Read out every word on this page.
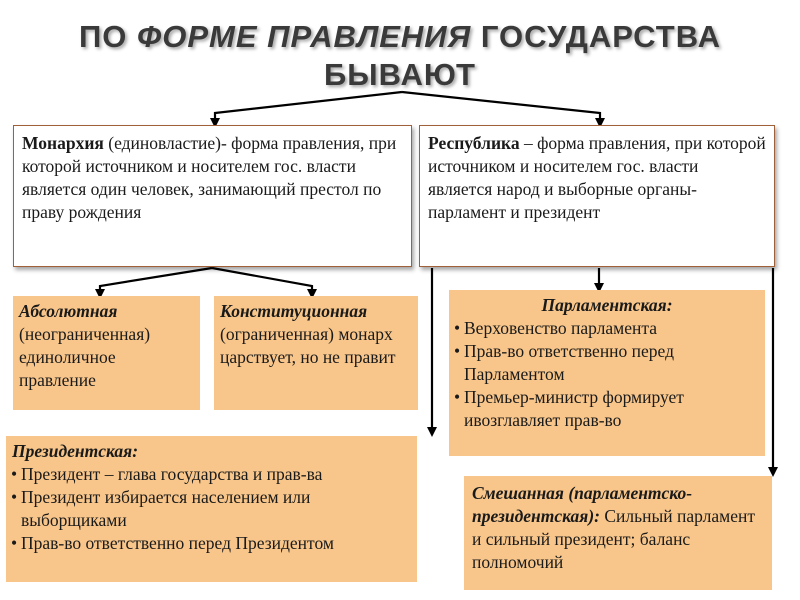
ПО ФОРМЕ ПРАВЛЕНИЯ ГОСУДАРСТВА
БЫВАЮТ
Монархия (единовластие)- форма правления, при которой источником и носителем гос. власти является один человек, занимающий престол по праву рождения
Республика – форма правления, при которой источником и носителем гос. власти является народ и выборные органы- парламент и президент
Абсолютная
(неограниченная) единоличное правление
Конституционная
(ограниченная) монарх царствует, но не правит
Парламентская:
• Верховенство парламента
• Прав-во ответственно перед Парламентом
• Премьер-министр формирует ивозглавляет прав-во
Президентская:
• Президент – глава государства и прав-ва
• Президент избирается населением или выборщиками
• Прав-во ответственно перед Президентом
Смешанная (парламентско-президентская): Сильный парламент и сильный президент; баланс полномочий
